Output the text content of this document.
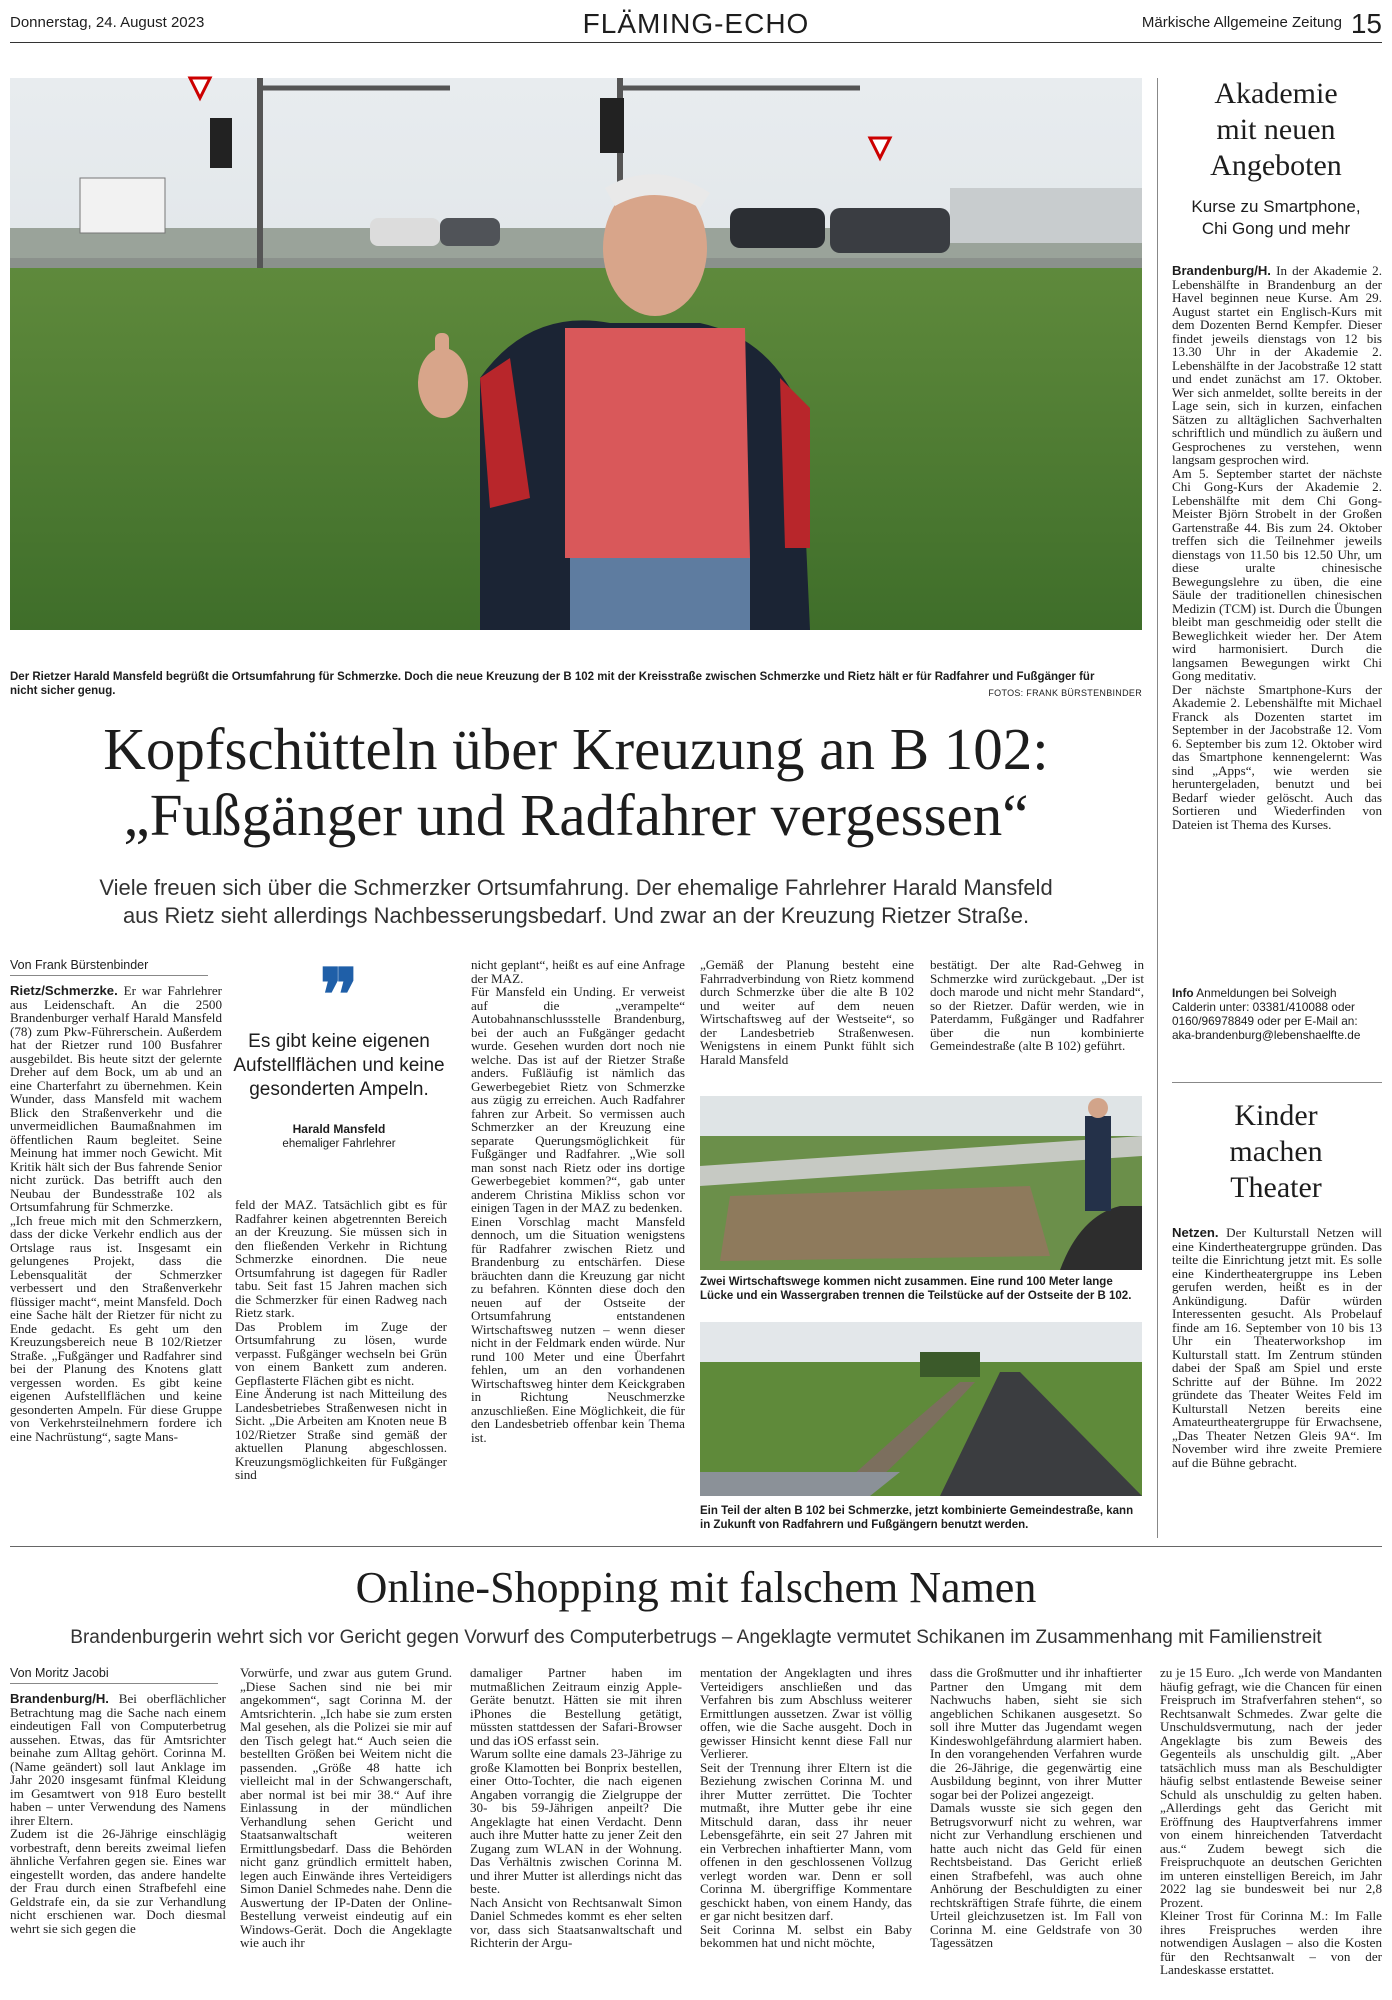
Donnerstag, 24. August 2023	FLÄMING-ECHO	Märkische Allgemeine Zeitung 15
Der Rietzer Harald Mansfeld begrüßt die Ortsumfahrung für Schmerzke. Doch die neue Kreuzung der B 102 mit der Kreisstraße zwischen Schmerzke und Rietz hält er für Radfahrer und Fußgänger für nicht sicher genug.	FOTOS: FRANK BÜRSTENBINDER
Kopfschütteln über Kreuzung an B 102:
„Fußgänger und Radfahrer vergessen“
Viele freuen sich über die Schmerzker Ortsumfahrung. Der ehemalige Fahrlehrer Harald Mansfeld
aus Rietz sieht allerdings Nachbesserungsbedarf. Und zwar an der Kreuzung Rietzer Straße.
Von Frank Bürstenbinder
Rietz/Schmerzke. Er war Fahrlehrer aus Leidenschaft. An die 2500 Brandenburger verhalf Harald Mansfeld (78) zum Pkw-Führerschein. Außerdem hat der Rietzer rund 100 Busfahrer ausgebildet. Bis heute sitzt der gelernte Dreher auf dem Bock, um ab und an eine Charterfahrt zu übernehmen. Kein Wunder, dass Mansfeld mit wachem Blick den Straßenverkehr und die unvermeidlichen Baumaßnahmen im öffentlichen Raum begleitet. Seine Meinung hat immer noch Gewicht. Mit Kritik hält sich der Bus fahrende Senior nicht zurück. Das betrifft auch den Neubau der Bundesstraße 102 als Ortsumfahrung für Schmerzke.
„Ich freue mich mit den Schmerzkern, dass der dicke Verkehr endlich aus der Ortslage raus ist. Insgesamt ein gelungenes Projekt, dass die Lebensqualität der Schmerzker verbessert und den Straßenverkehr flüssiger macht“, meint Mansfeld. Doch eine Sache hält der Rietzer für nicht zu Ende gedacht. Es geht um den Kreuzungsbereich neue B 102/Rietzer Straße. „Fußgänger und Radfahrer sind bei der Planung des Knotens glatt vergessen worden. Es gibt keine eigenen Aufstellflächen und keine gesonderten Ampeln. Für diese Gruppe von Verkehrsteilnehmern fordere ich eine Nachrüstung“, sagte Mans-
❞
Es gibt keine eigenen Aufstellflächen und keine gesonderten Ampeln.
Harald Mansfeld
ehemaliger Fahrlehrer
feld der MAZ. Tatsächlich gibt es für Radfahrer keinen abgetrennten Bereich an der Kreuzung. Sie müssen sich in den fließenden Verkehr in Richtung Schmerzke einordnen. Die neue Ortsumfahrung ist dagegen für Radler tabu. Seit fast 15 Jahren machen sich die Schmerzker für einen Radweg nach Rietz stark.
Das Problem im Zuge der Ortsumfahrung zu lösen, wurde verpasst. Fußgänger wechseln bei Grün von einem Bankett zum anderen. Gepflasterte Flächen gibt es nicht.
Eine Änderung ist nach Mitteilung des Landesbetriebes Straßenwesen nicht in Sicht. „Die Arbeiten am Knoten neue B 102/Rietzer Straße sind gemäß der aktuellen Planung abgeschlossen. Kreuzungsmöglichkeiten für Fußgänger sind
nicht geplant“, heißt es auf eine Anfrage der MAZ.
Für Mansfeld ein Unding. Er verweist auf die „verampelte“ Autobahnanschlussstelle Brandenburg, bei der auch an Fußgänger gedacht wurde. Gesehen wurden dort noch nie welche. Das ist auf der Rietzer Straße anders. Fußläufig ist nämlich das Gewerbegebiet Rietz von Schmerzke aus zügig zu erreichen. Auch Radfahrer fahren zur Arbeit. So vermissen auch Schmerzker an der Kreuzung eine separate Querungsmöglichkeit für Fußgänger und Radfahrer. „Wie soll man sonst nach Rietz oder ins dortige Gewerbegebiet kommen?“, gab unter anderem Christina Mikliss schon vor einigen Tagen in der MAZ zu bedenken.
Einen Vorschlag macht Mansfeld dennoch, um die Situation wenigstens für Radfahrer zwischen Rietz und Brandenburg zu entschärfen. Diese bräuchten dann die Kreuzung gar nicht zu befahren. Könnten diese doch den neuen auf der Ostseite der Ortsumfahrung entstandenen Wirtschaftsweg nutzen – wenn dieser nicht in der Feldmark enden würde. Nur rund 100 Meter und eine Überfahrt fehlen, um an den vorhandenen Wirtschaftsweg hinter dem Keickgraben in Richtung Neuschmerzke anzuschließen. Eine Möglichkeit, die für den Landesbetrieb offenbar kein Thema ist.
„Gemäß der Planung besteht eine Fahrradverbindung von Rietz kommend durch Schmerzke über die alte B 102 und weiter auf dem neuen Wirtschaftsweg auf der Westseite“, so der Landesbetrieb Straßenwesen. Wenigstens in einem Punkt fühlt sich Harald Mansfeld
bestätigt. Der alte Rad-Gehweg in Schmerzke wird zurückgebaut. „Der ist doch marode und nicht mehr Standard“, so der Rietzer. Dafür werden, wie in Paterdamm, Fußgänger und Radfahrer über die nun kombinierte Gemeindestraße (alte B 102) geführt.
Zwei Wirtschaftswege kommen nicht zusammen. Eine rund 100 Meter lange Lücke und ein Wassergraben trennen die Teilstücke auf der Ostseite der B 102.
Ein Teil der alten B 102 bei Schmerzke, jetzt kombinierte Gemeindestraße, kann in Zukunft von Radfahrern und Fußgängern benutzt werden.
Akademie
mit neuen
Angeboten
Kurse zu Smartphone,
Chi Gong und mehr
Brandenburg/H. In der Akademie 2. Lebenshälfte in Brandenburg an der Havel beginnen neue Kurse. Am 29. August startet ein Englisch-Kurs mit dem Dozenten Bernd Kempfer. Dieser findet jeweils dienstags von 12 bis 13.30 Uhr in der Akademie 2. Lebenshälfte in der Jacobstraße 12 statt und endet zunächst am 17. Oktober. Wer sich anmeldet, sollte bereits in der Lage sein, sich in kurzen, einfachen Sätzen zu alltäglichen Sachverhalten schriftlich und mündlich zu äußern und Gesprochenes zu verstehen, wenn langsam gesprochen wird.
Am 5. September startet der nächste Chi Gong-Kurs der Akademie 2. Lebenshälfte mit dem Chi Gong-Meister Björn Strobelt in der Großen Gartenstraße 44. Bis zum 24. Oktober treffen sich die Teilnehmer jeweils dienstags von 11.50 bis 12.50 Uhr, um diese uralte chinesische Bewegungslehre zu üben, die eine Säule der traditionellen chinesischen Medizin (TCM) ist. Durch die Übungen bleibt man geschmeidig oder stellt die Beweglichkeit wieder her. Der Atem wird harmonisiert. Durch die langsamen Bewegungen wirkt Chi Gong meditativ.
Der nächste Smartphone-Kurs der Akademie 2. Lebenshälfte mit Michael Franck als Dozenten startet im September in der Jacobstraße 12. Vom 6. September bis zum 12. Oktober wird das Smartphone kennengelernt: Was sind „Apps“, wie werden sie heruntergeladen, benutzt und bei Bedarf wieder gelöscht. Auch das Sortieren und Wiederfinden von Dateien ist Thema des Kurses.
Info Anmeldungen bei Solveigh Calderin unter: 03381/410088 oder 0160/96978849 oder per E-Mail an: aka-brandenburg@lebenshaelfte.de
Kinder
machen
Theater
Netzen. Der Kulturstall Netzen will eine Kindertheatergruppe gründen. Das teilte die Einrichtung jetzt mit. Es solle eine Kindertheatergruppe ins Leben gerufen werden, heißt es in der Ankündigung. Dafür würden Interessenten gesucht. Als Probelauf finde am 16. September von 10 bis 13 Uhr ein Theaterworkshop im Kulturstall statt. Im Zentrum stünden dabei der Spaß am Spiel und erste Schritte auf der Bühne. Im 2022 gründete das Theater Weites Feld im Kulturstall Netzen bereits eine Amateurtheatergruppe für Erwachsene, „Das Theater Netzen Gleis 9A“. Im November wird ihre zweite Premiere auf die Bühne gebracht.
Online-Shopping mit falschem Namen
Brandenburgerin wehrt sich vor Gericht gegen Vorwurf des Computerbetrugs – Angeklagte vermutet Schikanen im Zusammenhang mit Familienstreit
Von Moritz Jacobi
Brandenburg/H. Bei oberflächlicher Betrachtung mag die Sache nach einem eindeutigen Fall von Computerbetrug aussehen. Etwas, das für Amtsrichter beinahe zum Alltag gehört. Corinna M. (Name geändert) soll laut Anklage im Jahr 2020 insgesamt fünfmal Kleidung im Gesamtwert von 918 Euro bestellt haben – unter Verwendung des Namens ihrer Eltern.
Zudem ist die 26-Jährige einschlägig vorbestraft, denn bereits zweimal liefen ähnliche Verfahren gegen sie. Eines war eingestellt worden, das andere handelte der Frau durch einen Strafbefehl eine Geldstrafe ein, da sie zur Verhandlung nicht erschienen war. Doch diesmal wehrt sie sich gegen die
Vorwürfe, und zwar aus gutem Grund. „Diese Sachen sind nie bei mir angekommen“, sagt Corinna M. der Amtsrichterin. „Ich habe sie zum ersten Mal gesehen, als die Polizei sie mir auf den Tisch gelegt hat.“ Auch seien die bestellten Größen bei Weitem nicht die passenden. „Größe 48 hatte ich vielleicht mal in der Schwangerschaft, aber normal ist bei mir 38.“ Auf ihre Einlassung in der mündlichen Verhandlung sehen Gericht und Staatsanwaltschaft weiteren Ermittlungsbedarf. Dass die Behörden nicht ganz gründlich ermittelt haben, legen auch Einwände ihres Verteidigers Simon Daniel Schmedes nahe. Denn die Auswertung der IP-Daten der Online-Bestellung verweist eindeutig auf ein Windows-Gerät. Doch die Angeklagte wie auch ihr
damaliger Partner haben im mutmaßlichen Zeitraum einzig Apple-Geräte benutzt. Hätten sie mit ihren iPhones die Bestellung getätigt, müssten stattdessen der Safari-Browser und das iOS erfasst sein.
Warum sollte eine damals 23-Jährige zu große Klamotten bei Bonprix bestellen, einer Otto-Tochter, die nach eigenen Angaben vorrangig die Zielgruppe der 30- bis 59-Jährigen anpeilt? Die Angeklagte hat einen Verdacht. Denn auch ihre Mutter hatte zu jener Zeit den Zugang zum WLAN in der Wohnung. Das Verhältnis zwischen Corinna M. und ihrer Mutter ist allerdings nicht das beste.
Nach Ansicht von Rechtsanwalt Simon Daniel Schmedes kommt es eher selten vor, dass sich Staatsanwaltschaft und Richterin der Argu-
mentation der Angeklagten und ihres Verteidigers anschließen und das Verfahren bis zum Abschluss weiterer Ermittlungen aussetzen. Zwar ist völlig offen, wie die Sache ausgeht. Doch in gewisser Hinsicht kennt diese Fall nur Verlierer.
Seit der Trennung ihrer Eltern ist die Beziehung zwischen Corinna M. und ihrer Mutter zerrüttet. Die Tochter mutmaßt, ihre Mutter gebe ihr eine Mitschuld daran, dass ihr neuer Lebensgefährte, ein seit 27 Jahren mit ein Verbrechen inhaftierter Mann, vom offenen in den geschlossenen Vollzug verlegt worden war. Denn er soll Corinna M. übergriffige Kommentare geschickt haben, von einem Handy, das er gar nicht besitzen darf.
Seit Corinna M. selbst ein Baby bekommen hat und nicht möchte,
dass die Großmutter und ihr inhaftierter Partner den Umgang mit dem Nachwuchs haben, sieht sie sich angeblichen Schikanen ausgesetzt. So soll ihre Mutter das Jugendamt wegen Kindeswohlgefährdung alarmiert haben. In den vorangehenden Verfahren wurde die 26-Jährige, die gegenwärtig eine Ausbildung beginnt, von ihrer Mutter sogar bei der Polizei angezeigt.
Damals wusste sie sich gegen den Betrugsvorwurf nicht zu wehren, war nicht zur Verhandlung erschienen und hatte auch nicht das Geld für einen Rechtsbeistand. Das Gericht erließ einen Strafbefehl, was auch ohne Anhörung der Beschuldigten zu einer rechtskräftigen Strafe führte, die einem Urteil gleichzusetzen ist. Im Fall von Corinna M. eine Geldstrafe von 30 Tagessätzen
zu je 15 Euro. „Ich werde von Mandanten häufig gefragt, wie die Chancen für einen Freispruch im Strafverfahren stehen“, so Rechtsanwalt Schmedes. Zwar gelte die Unschuldsvermutung, nach der jeder Angeklagte bis zum Beweis des Gegenteils als unschuldig gilt. „Aber tatsächlich muss man als Beschuldigter häufig selbst entlastende Beweise seiner Schuld als unschuldig zu gelten haben. „Allerdings geht das Gericht mit Eröffnung des Hauptverfahrens immer von einem hinreichenden Tatverdacht aus.“ Zudem bewegt sich die Freispruchquote an deutschen Gerichten im unteren einstelligen Bereich, im Jahr 2022 lag sie bundesweit bei nur 2,8 Prozent.
Kleiner Trost für Corinna M.: Im Falle ihres Freispruches werden ihre notwendigen Auslagen – also die Kosten für den Rechtsanwalt – von der Landeskasse erstattet.
